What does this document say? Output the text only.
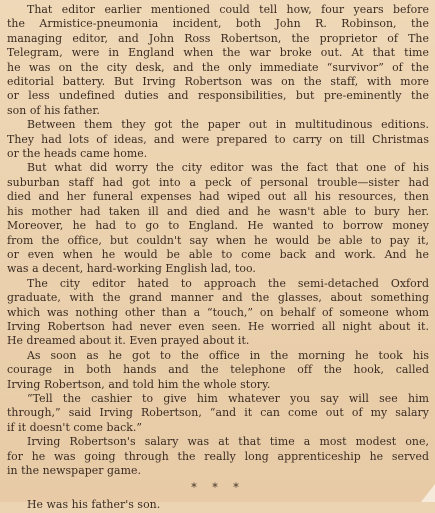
That editor earlier mentioned could tell how, four years before
the Armistice-pneumonia incident, both John R. Robinson, the
managing editor, and John Ross Robertson, the proprietor of The
Telegram, were in England when the war broke out. At that time
he was on the city desk, and the only immediate “survivor” of the
editorial battery. But Irving Robertson was on the staff, with more
or less undefined duties and responsibilities, but pre-eminently the
son of his father.
Between them they got the paper out in multitudinous editions.
They had lots of ideas, and were prepared to carry on till Christmas
or the heads came home.
But what did worry the city editor was the fact that one of his
suburban staff had got into a peck of personal trouble—sister had
died and her funeral expenses had wiped out all his resources, then
his mother had taken ill and died and he wasn't able to bury her.
Moreover, he had to go to England. He wanted to borrow money
from the office, but couldn't say when he would be able to pay it,
or even when he would be able to come back and work. And he
was a decent, hard-working English lad, too.
The city editor hated to approach the semi-detached Oxford
graduate, with the grand manner and the glasses, about something
which was nothing other than a “touch,” on behalf of someone whom
Irving Robertson had never even seen. He worried all night about it.
He dreamed about it. Even prayed about it.
As soon as he got to the office in the morning he took his
courage in both hands and the telephone off the hook, called
Irving Robertson, and told him the whole story.
“Tell the cashier to give him whatever you say will see him
through,” said Irving Robertson, “and it can come out of my salary
if it doesn't come back.”
Irving Robertson's salary was at that time a most modest one,
for he was going through the really long apprenticeship he served
in the newspaper game.
* * *
He was his father's son.
